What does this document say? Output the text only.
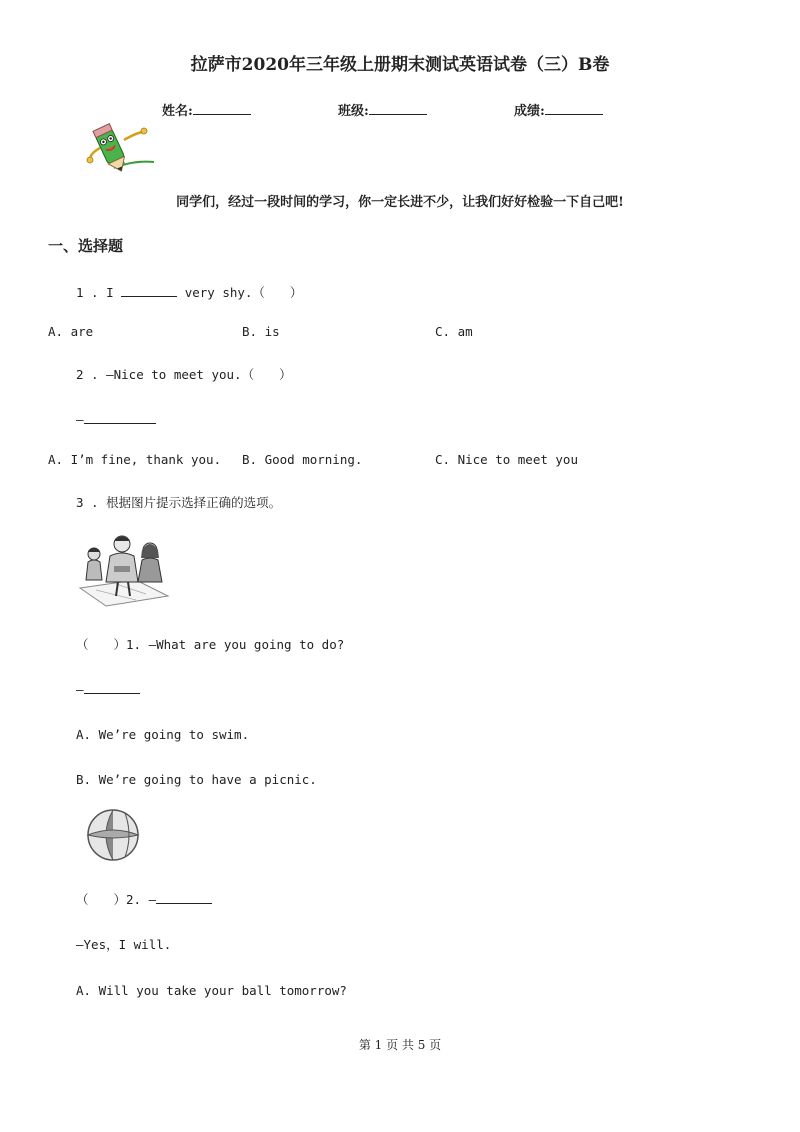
拉萨市2020年三年级上册期末测试英语试卷（三）B卷
姓名:	班级:	成绩:
同学们，经过一段时间的学习，你一定长进不少，让我们好好检验一下自己吧!
一、选择题
1 . I	very shy.（　　）
A. are	B. is	C. am
2 . —Nice to meet you.（　　）
—
A. I’m fine, thank you. B. Good morning.	C. Nice to meet you
3 . 根据图片提示选择正确的选项。
（　　）1. —What are you going to do?
—
A. We’re going to swim.
B. We’re going to have a picnic.
（　　）2. —
—Yes，I will.
A. Will you take your ball tomorrow?
第 1 页 共 5 页
